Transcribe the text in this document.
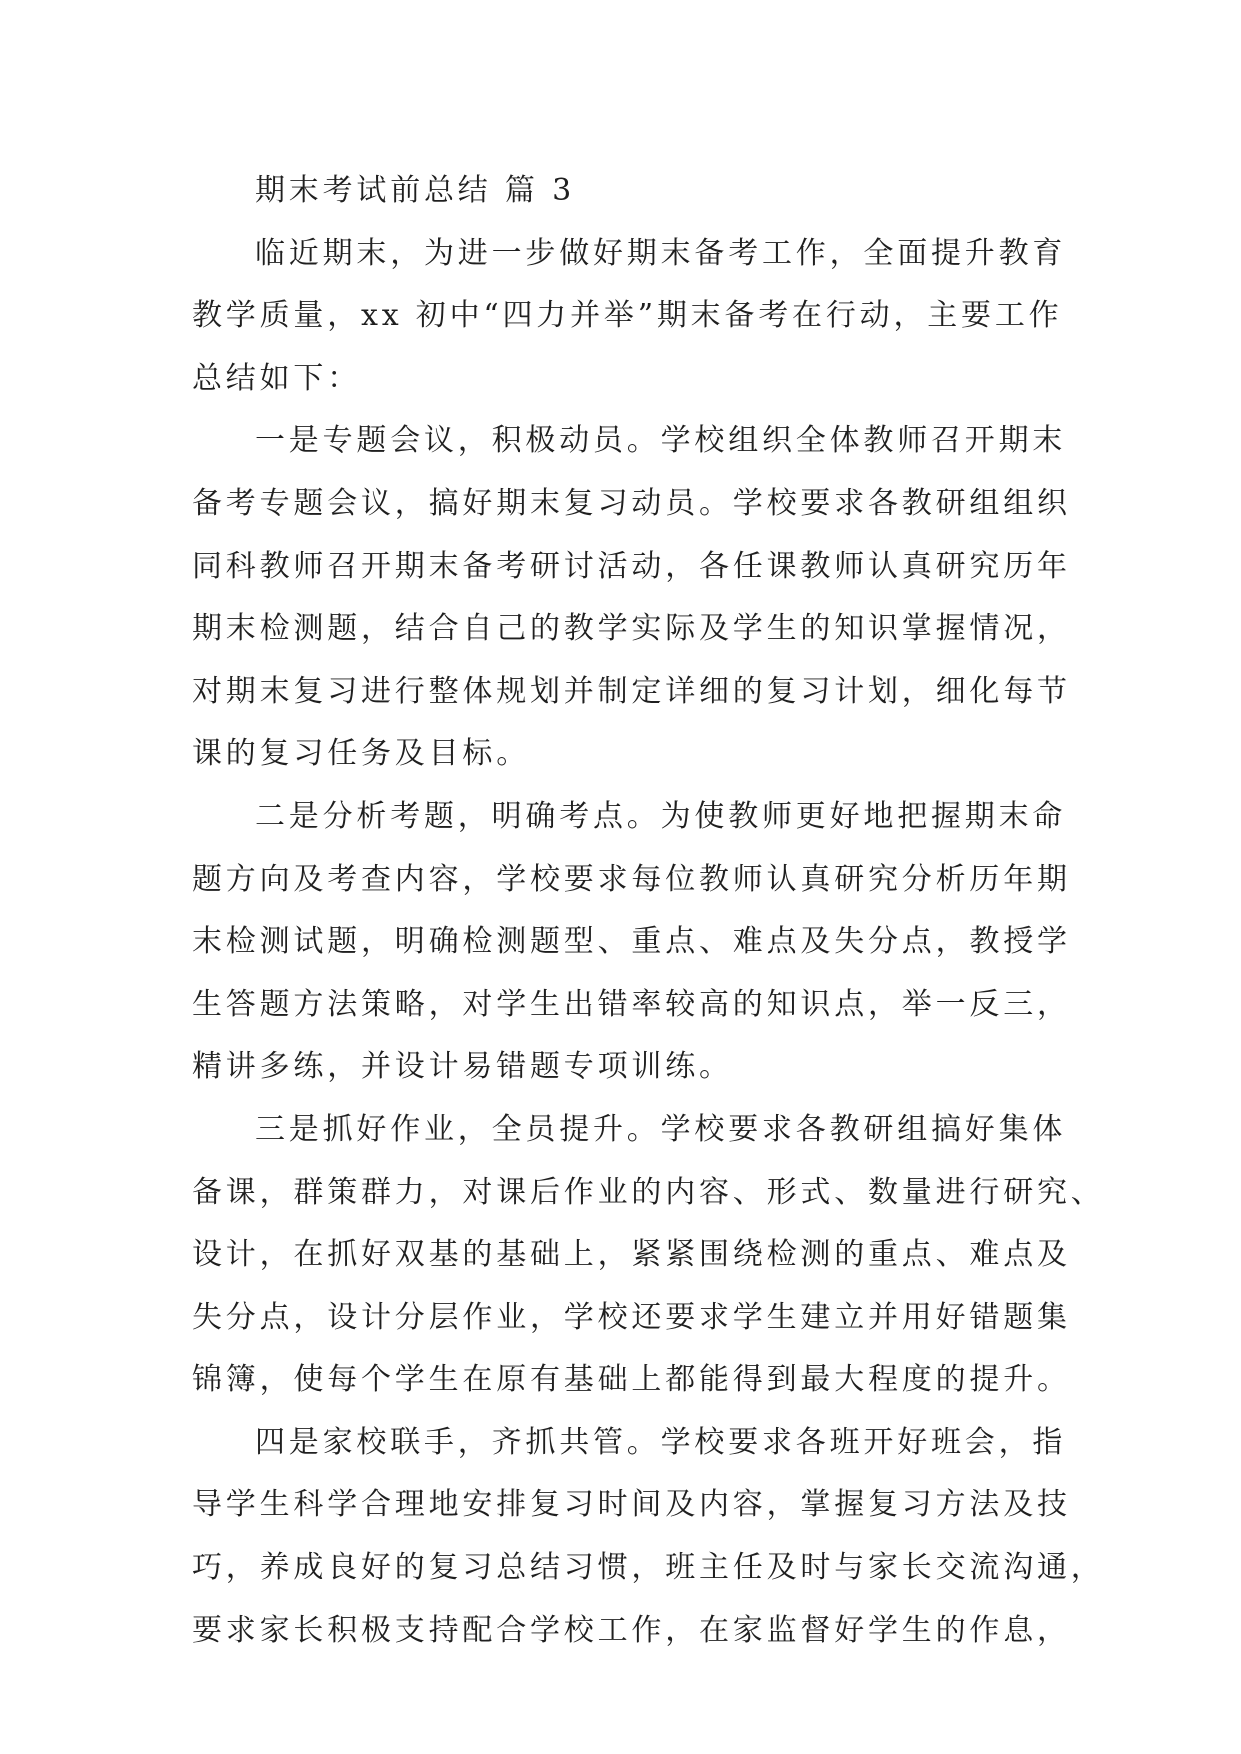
期末考试前总结 篇 3
临近期末，为进一步做好期末备考工作，全面提升教育
教学质量，xx 初中“四力并举”期末备考在行动，主要工作
总结如下：
一是专题会议，积极动员。学校组织全体教师召开期末
备考专题会议，搞好期末复习动员。学校要求各教研组组织
同科教师召开期末备考研讨活动，各任课教师认真研究历年
期末检测题，结合自己的教学实际及学生的知识掌握情况，
对期末复习进行整体规划并制定详细的复习计划，细化每节
课的复习任务及目标。
二是分析考题，明确考点。为使教师更好地把握期末命
题方向及考查内容，学校要求每位教师认真研究分析历年期
末检测试题，明确检测题型、重点、难点及失分点，教授学
生答题方法策略，对学生出错率较高的知识点，举一反三，
精讲多练，并设计易错题专项训练。
三是抓好作业，全员提升。学校要求各教研组搞好集体
备课，群策群力，对课后作业的内容、形式、数量进行研究、
设计，在抓好双基的基础上，紧紧围绕检测的重点、难点及
失分点，设计分层作业，学校还要求学生建立并用好错题集
锦簿，使每个学生在原有基础上都能得到最大程度的提升。
四是家校联手，齐抓共管。学校要求各班开好班会，指
导学生科学合理地安排复习时间及内容，掌握复习方法及技
巧，养成良好的复习总结习惯，班主任及时与家长交流沟通，
要求家长积极支持配合学校工作，在家监督好学生的作息，
